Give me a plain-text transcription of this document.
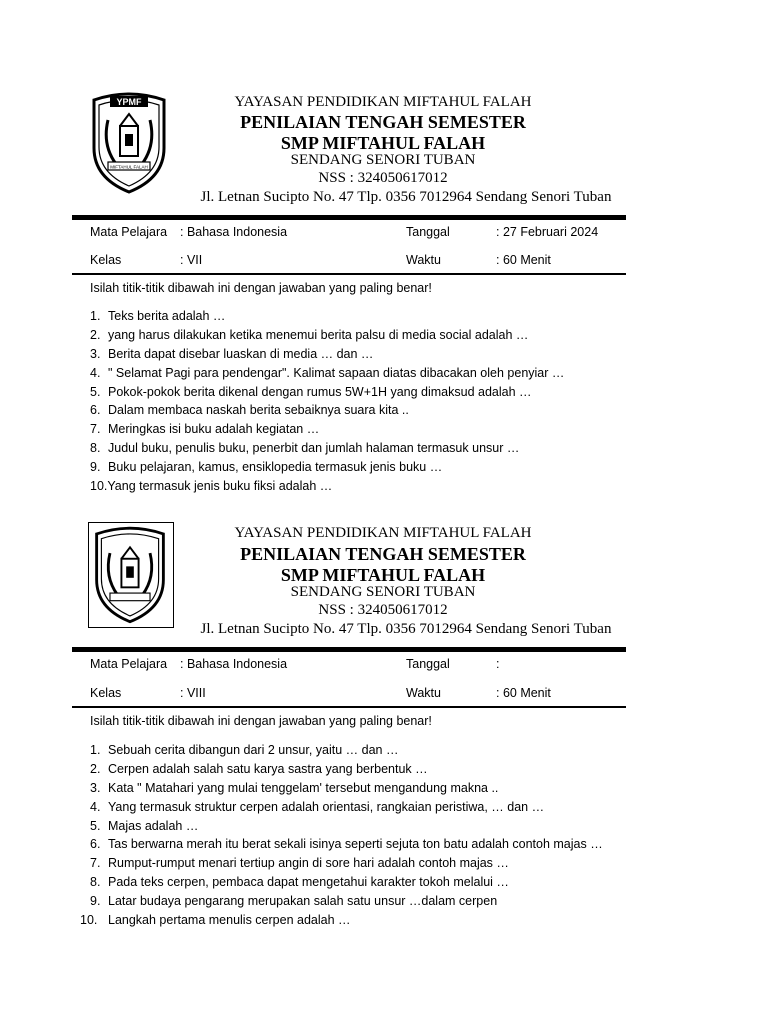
YPMF
MIFTAHUL FALAH
YAYASAN PENDIDIKAN MIFTAHUL FALAH
PENILAIAN TENGAH SEMESTER
SMP MIFTAHUL FALAH
SENDANG SENORI TUBAN
NSS : 324050617012
Jl. Letnan Sucipto No. 47 Tlp. 0356 7012964 Sendang Senori Tuban
Mata Pelajara : Bahasa Indonesia	Tanggal	: 27 Februari 2024
Kelas	: VII	Waktu	: 60 Menit
Isilah titik-titik dibawah ini dengan jawaban yang paling benar!
1. Teks berita adalah …
2. yang harus dilakukan ketika menemui berita palsu di media social adalah …
3. Berita dapat disebar luaskan di media … dan …
4. " Selamat Pagi para pendengar". Kalimat sapaan diatas dibacakan oleh penyiar …
5. Pokok-pokok berita dikenal dengan rumus 5W+1H yang dimaksud adalah …
6. Dalam membaca naskah berita sebaiknya suara kita ..
7. Meringkas isi buku adalah kegiatan …
8. Judul buku, penulis buku, penerbit dan jumlah halaman termasuk unsur …
9. Buku pelajaran, kamus, ensiklopedia termasuk jenis buku …
10.Yang termasuk jenis buku fiksi adalah …
YAYASAN PENDIDIKAN MIFTAHUL FALAH
PENILAIAN TENGAH SEMESTER
SMP MIFTAHUL FALAH
SENDANG SENORI TUBAN
NSS : 324050617012
Jl. Letnan Sucipto No. 47 Tlp. 0356 7012964 Sendang Senori Tuban
Mata Pelajara : Bahasa Indonesia	Tanggal	:
Kelas	: VIII	Waktu	: 60 Menit
Isilah titik-titik dibawah ini dengan jawaban yang paling benar!
1. Sebuah cerita dibangun dari 2 unsur, yaitu … dan …
2. Cerpen adalah salah satu karya sastra yang berbentuk …
3. Kata " Matahari yang mulai tenggelam' tersebut mengandung makna ..
4. Yang termasuk struktur cerpen adalah orientasi, rangkaian peristiwa, … dan …
5. Majas adalah …
6. Tas berwarna merah itu berat sekali isinya seperti sejuta ton batu adalah contoh majas …
7. Rumput-rumput menari tertiup angin di sore hari adalah contoh majas …
8. Pada teks cerpen, pembaca dapat mengetahui karakter tokoh melalui …
9. Latar budaya pengarang merupakan salah satu unsur …dalam cerpen
10. Langkah pertama menulis cerpen adalah …
